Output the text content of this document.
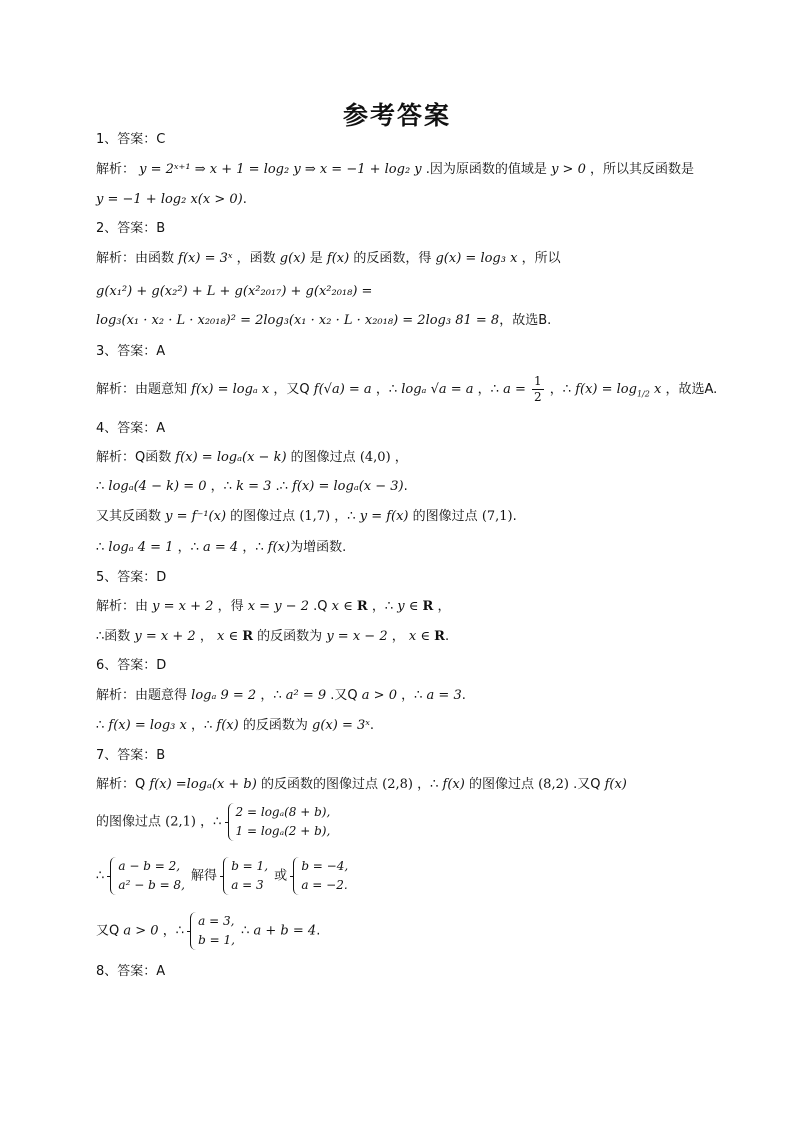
参考答案
1、答案：C
解析： y = 2ˣ⁺¹ ⇒ x + 1 = log₂ y ⇒ x = −1 + log₂ y .因为原函数的值域是 y > 0 ，所以其反函数是
y = −1 + log₂ x(x > 0).
2、答案：B
解析：由函数 f(x) = 3ˣ ，函数 g(x) 是 f(x) 的反函数，得 g(x) = log₃ x ，所以
g(x₁²) + g(x₂²) + L + g(x²₂₀₁₇) + g(x²₂₀₁₈) =
log₃(x₁ · x₂ · L · x₂₀₁₈)² = 2log₃(x₁ · x₂ · L · x₂₀₁₈) = 2log₃ 81 = 8，故选B.
3、答案：A
解析：由题意知 f(x) = logₐ x ，又Q f(√a) = a ，∴ logₐ √a = a ，∴ $a = \frac{1}{2}$ ，∴ $f(x) = \log_{1/2} x$ ，故选A.
4、答案：A
解析：Q函数 f(x) = logₐ(x − k) 的图像过点 (4,0) ，
∴ logₐ(4 − k) = 0 ，∴ k = 3 .∴ f(x) = logₐ(x − 3).
又其反函数 y = f⁻¹(x) 的图像过点 (1,7) ，∴ y = f(x) 的图像过点 (7,1).
∴ logₐ 4 = 1 ，∴ a = 4 ，∴ f(x)为增函数.
5、答案：D
解析：由 y = x + 2 ，得 x = y − 2 .Q x ∈ R ，∴ y ∈ R ，
∴函数 y = x + 2 ， x ∈ R 的反函数为 y = x − 2 ， x ∈ R.
6、答案：D
解析：由题意得 logₐ 9 = 2 ，∴ a² = 9 .又Q a > 0 ，∴ a = 3.
∴ f(x) = log₃ x ，∴ f(x) 的反函数为 g(x) = 3ˣ.
7、答案：B
解析：Q f(x) =logₐ(x + b) 的反函数的图像过点 (2,8) ，∴ f(x) 的图像过点 (8,2) .又Q f(x)
的图像过点 (2,1) ，∴
2 = logₐ(8 + b),
1 = logₐ(2 + b),
∴
a − b = 2,
a² − b = 8,
解得
b = 1,
a = 3
或
b = −4,
a = −2.
又Q a > 0 ，∴
a = 3,
b = 1,
∴ a + b = 4.
8、答案：A
